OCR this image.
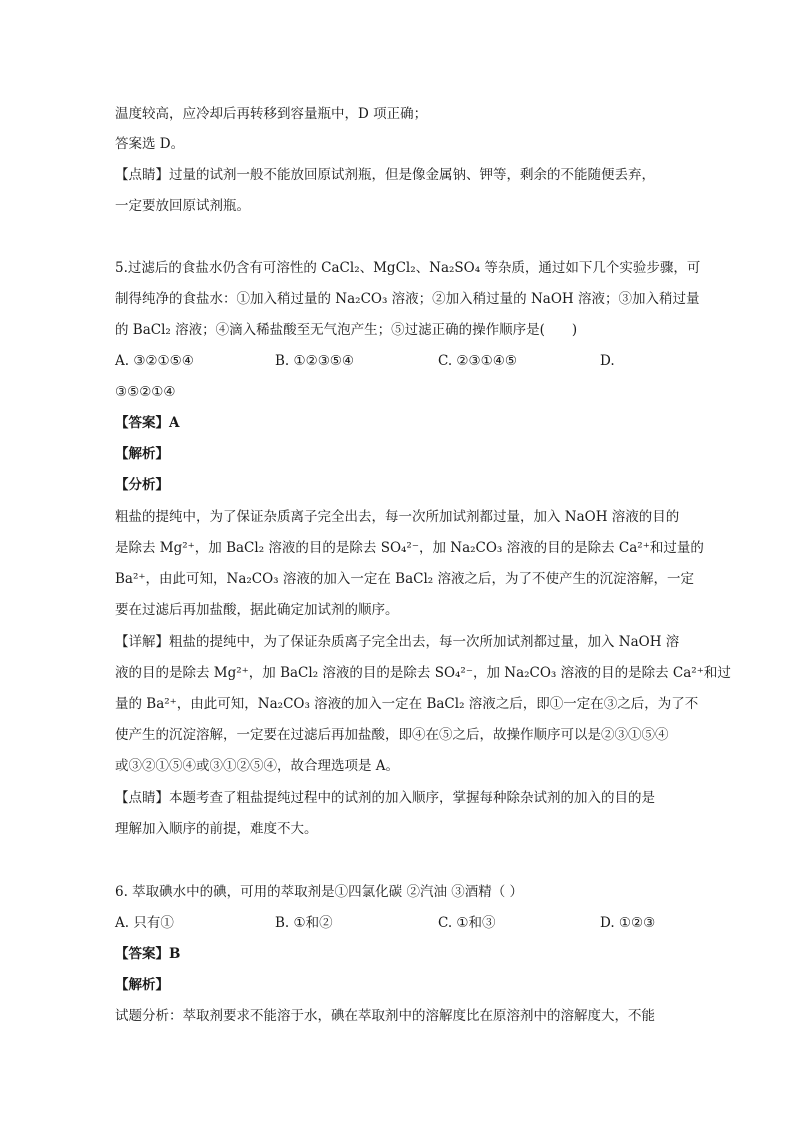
温度较高，应冷却后再转移到容量瓶中，D 项正确；
答案选 D。
【点睛】过量的试剂一般不能放回原试剂瓶，但是像金属钠、钾等，剩余的不能随便丢弃，
一定要放回原试剂瓶。
5.过滤后的食盐水仍含有可溶性的 CaCl₂、MgCl₂、Na₂SO₄ 等杂质，通过如下几个实验步骤，可
制得纯净的食盐水：①加入稍过量的 Na₂CO₃ 溶液；②加入稍过量的 NaOH 溶液；③加入稍过量
的 BaCl₂ 溶液；④滴入稀盐酸至无气泡产生；⑤过滤正确的操作顺序是(　　)
A. ③②①⑤④	B. ①②③⑤④	C. ②③①④⑤	D.
③⑤②①④
【答案】A
【解析】
【分析】
粗盐的提纯中，为了保证杂质离子完全出去，每一次所加试剂都过量，加入 NaOH 溶液的目的
是除去 Mg²⁺，加 BaCl₂ 溶液的目的是除去 SO₄²⁻，加 Na₂CO₃ 溶液的目的是除去 Ca²⁺和过量的
Ba²⁺，由此可知，Na₂CO₃ 溶液的加入一定在 BaCl₂ 溶液之后，为了不使产生的沉淀溶解，一定
要在过滤后再加盐酸，据此确定加试剂的顺序。
【详解】粗盐的提纯中，为了保证杂质离子完全出去，每一次所加试剂都过量，加入 NaOH 溶
液的目的是除去 Mg²⁺，加 BaCl₂ 溶液的目的是除去 SO₄²⁻，加 Na₂CO₃ 溶液的目的是除去 Ca²⁺和过
量的 Ba²⁺，由此可知，Na₂CO₃ 溶液的加入一定在 BaCl₂ 溶液之后，即①一定在③之后，为了不
使产生的沉淀溶解，一定要在过滤后再加盐酸，即④在⑤之后，故操作顺序可以是②③①⑤④
或③②①⑤④或③①②⑤④，故合理选项是 A。
【点睛】本题考查了粗盐提纯过程中的试剂的加入顺序，掌握每种除杂试剂的加入的目的是
理解加入顺序的前提，难度不大。
6. 萃取碘水中的碘，可用的萃取剂是①四氯化碳 ②汽油 ③酒精（ ）
A. 只有①	B. ①和②	C. ①和③	D. ①②③
【答案】B
【解析】
试题分析：萃取剂要求不能溶于水，碘在萃取剂中的溶解度比在原溶剂中的溶解度大，不能
